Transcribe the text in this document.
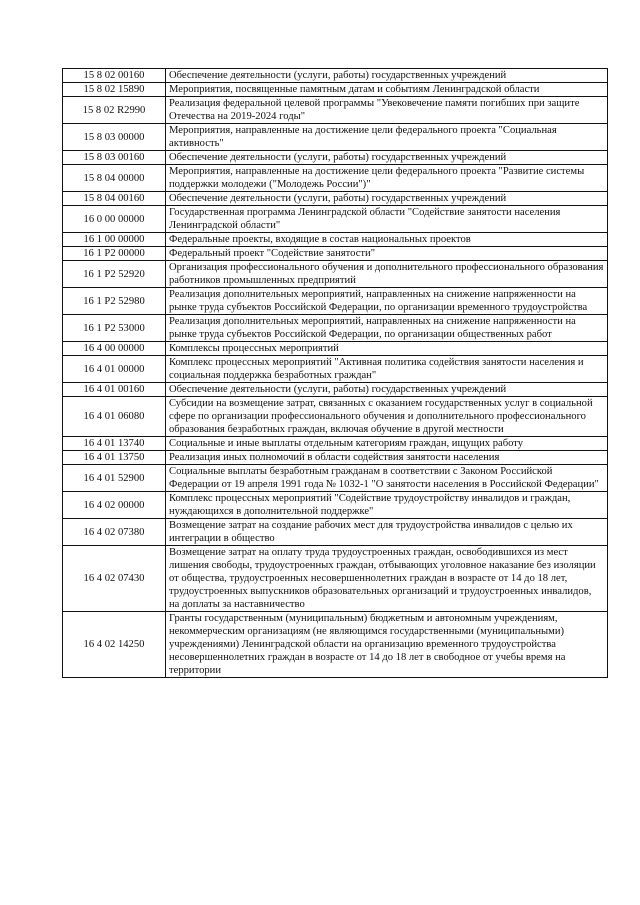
15 8 02 00160	Обеспечение деятельности (услуги, работы) государственных учреждений
15 8 02 15890	Мероприятия, посвященные памятным датам и событиям Ленинградской области
15 8 02 R2990	Реализация федеральной целевой программы "Увековечение памяти погибших при защите Отечества на 2019-2024 годы"
15 8 03 00000	Мероприятия, направленные на достижение цели федерального проекта "Социальная активность"
15 8 03 00160	Обеспечение деятельности (услуги, работы) государственных учреждений
15 8 04 00000	Мероприятия, направленные на достижение цели федерального проекта "Развитие системы поддержки молодежи ("Молодежь России")"
15 8 04 00160	Обеспечение деятельности (услуги, работы) государственных учреждений
16 0 00 00000	Государственная программа Ленинградской области "Содействие занятости населения Ленинградской области"
16 1 00 00000	Федеральные проекты, входящие в состав национальных проектов
16 1 Р2 00000	Федеральный проект "Содействие занятости"
16 1 Р2 52920	Организация профессионального обучения и дополнительного профессионального образования работников промышленных предприятий
16 1 Р2 52980	Реализация дополнительных мероприятий, направленных на снижение напряженности на рынке труда субъектов Российской Федерации, по организации временного трудоустройства
16 1 Р2 53000	Реализация дополнительных мероприятий, направленных на снижение напряженности на рынке труда субъектов Российской Федерации, по организации общественных работ
16 4 00 00000	Комплексы процессных мероприятий
16 4 01 00000	Комплекс процессных мероприятий "Активная политика содействия занятости населения и социальная поддержка безработных граждан"
16 4 01 00160	Обеспечение деятельности (услуги, работы) государственных учреждений
16 4 01 06080	Субсидии на возмещение затрат, связанных с оказанием государственных услуг в социальной сфере по организации профессионального обучения и дополнительного профессионального образования безработных граждан, включая обучение в другой местности
16 4 01 13740	Социальные и иные выплаты отдельным категориям граждан, ищущих работу
16 4 01 13750	Реализация иных полномочий в области содействия занятости населения
16 4 01 52900	Социальные выплаты безработным гражданам в соответствии с Законом Российской Федерации от 19 апреля 1991 года № 1032-1 "О занятости населения в Российской Федерации"
16 4 02 00000	Комплекс процессных мероприятий "Содействие трудоустройству инвалидов и граждан, нуждающихся в дополнительной поддержке"
16 4 02 07380	Возмещение затрат на создание рабочих мест для трудоустройства инвалидов с целью их интеграции в общество
16 4 02 07430	Возмещение затрат на оплату труда трудоустроенных граждан, освободившихся из мест лишения свободы, трудоустроенных граждан, отбывающих уголовное наказание без изоляции от общества, трудоустроенных несовершеннолетних граждан в возрасте от 14 до 18 лет, трудоустроенных выпускников образовательных организаций и трудоустроенных инвалидов, на доплаты за наставничество
16 4 02 14250	Гранты государственным (муниципальным) бюджетным и автономным учреждениям, некоммерческим организациям (не являющимся государственными (муниципальными) учреждениями) Ленинградской области на организацию временного трудоустройства несовершеннолетних граждан в возрасте от 14 до 18 лет в свободное от учебы время на территории
